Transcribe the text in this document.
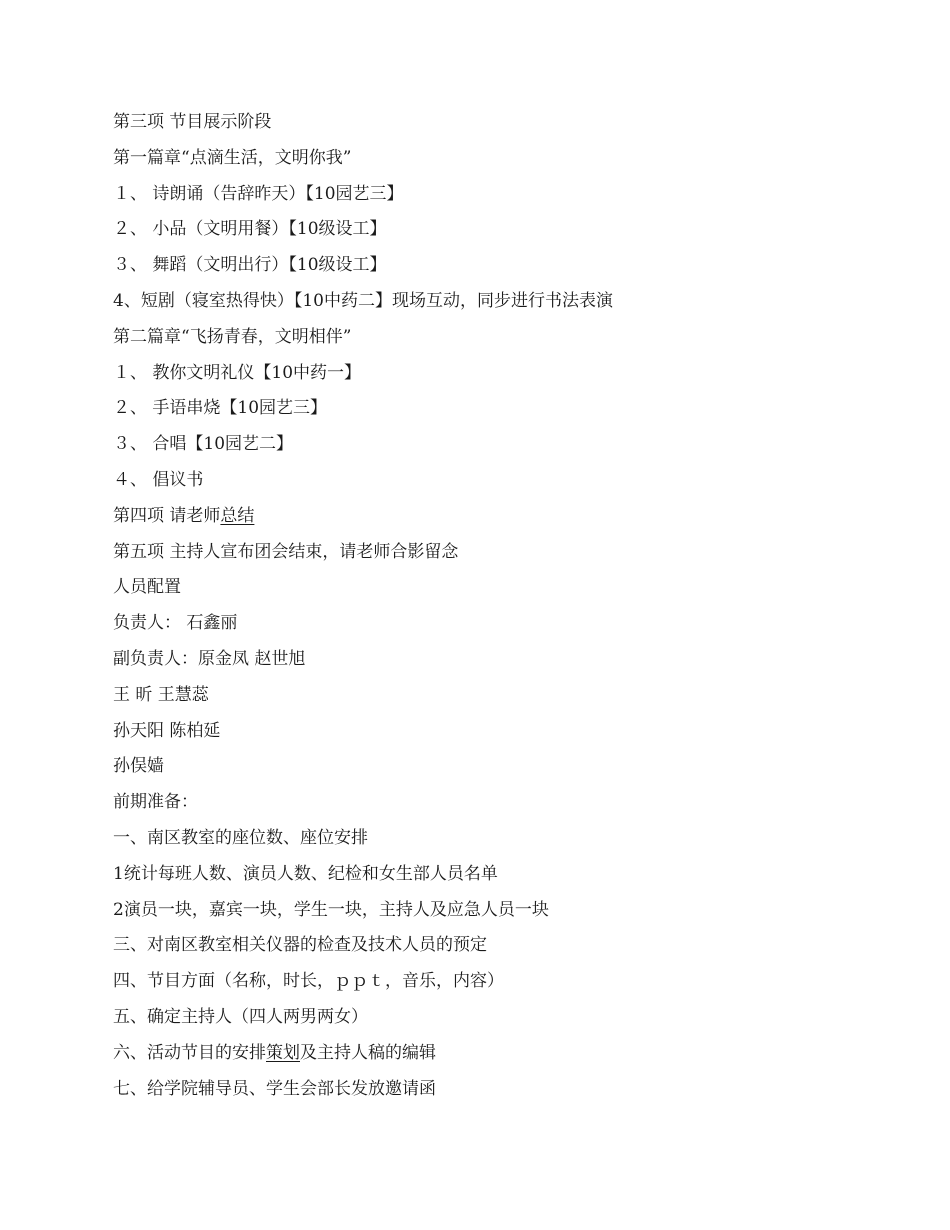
第三项 节目展示阶段
第一篇章“点滴生活，文明你我”
１、 诗朗诵（告辞昨天）【10园艺三】
２、 小品（文明用餐）【10级设工】
３、 舞蹈（文明出行）【10级设工】
4、短剧（寝室热得快）【10中药二】现场互动，同步进行书法表演
第二篇章“飞扬青春，文明相伴”
１、 教你文明礼仪【10中药一】
２、 手语串烧【10园艺三】
３、 合唱【10园艺二】
４、 倡议书
第四项 请老师总结
第五项 主持人宣布团会结束，请老师合影留念
人员配置
负责人： 石鑫丽
副负责人：原金凤 赵世旭
王 昕 王慧蕊
孙天阳 陈柏延
孙俣嫱
前期准备：
一、南区教室的座位数、座位安排
1统计每班人数、演员人数、纪检和女生部人员名单
2演员一块，嘉宾一块，学生一块，主持人及应急人员一块
三、对南区教室相关仪器的检查及技术人员的预定
四、节目方面（名称，时长，ｐｐｔ，音乐，内容）
五、确定主持人（四人两男两女）
六、活动节目的安排策划及主持人稿的编辑
七、给学院辅导员、学生会部长发放邀请函
